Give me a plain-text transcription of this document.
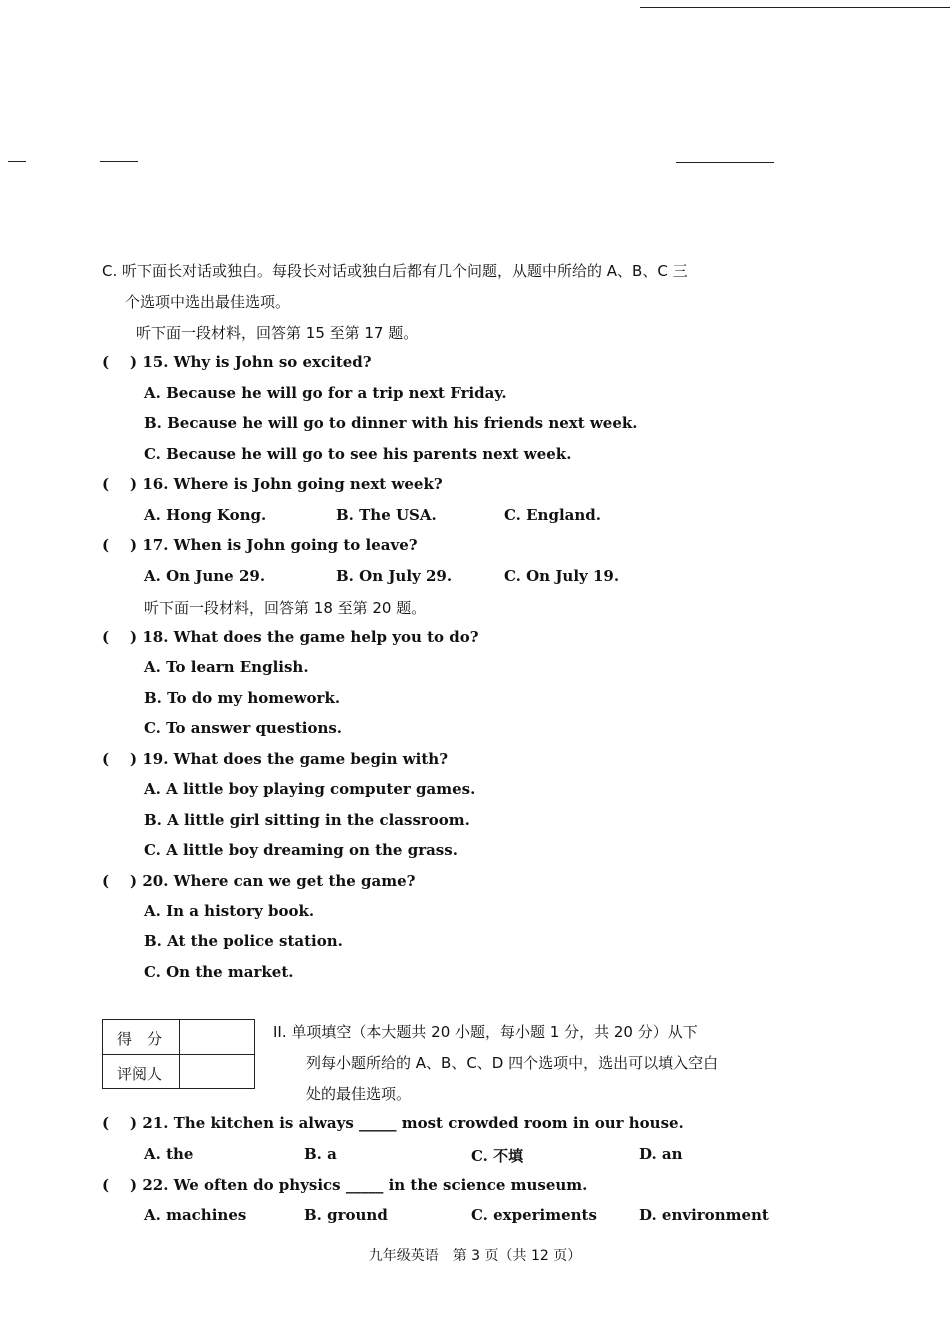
C. 听下面长对话或独白。每段长对话或独白后都有几个问题，从题中所给的 A、B、C 三
个选项中选出最佳选项。
听下面一段材料，回答第 15 至第 17 题。
( ) 15. Why is John so excited?
A. Because he will go for a trip next Friday.
B. Because he will go to dinner with his friends next week.
C. Because he will go to see his parents next week.
( ) 16. Where is John going next week?
A. Hong Kong.	B. The USA.	C. England.
( ) 17. When is John going to leave?
A. On June 29.	B. On July 29.	C. On July 19.
听下面一段材料，回答第 18 至第 20 题。
( ) 18. What does the game help you to do?
A. To learn English.
B. To do my homework.
C. To answer questions.
( ) 19. What does the game begin with?
A. A little boy playing computer games.
B. A little girl sitting in the classroom.
C. A little boy dreaming on the grass.
( ) 20. Where can we get the game?
A. In a history book.
B. At the police station.
C. On the market.
得　分
评阅人
II. 单项填空（本大题共 20 小题，每小题 1 分，共 20 分）从下
列每小题所给的 A、B、C、D 四个选项中，选出可以填入空白
处的最佳选项。
( ) 21. The kitchen is always _____ most crowded room in our house.
A. the	B. a	C. 不填	D. an
( ) 22. We often do physics _____ in the science museum.
A. machines	B. ground	C. experiments	D. environment
九年级英语　第 3 页（共 12 页）
